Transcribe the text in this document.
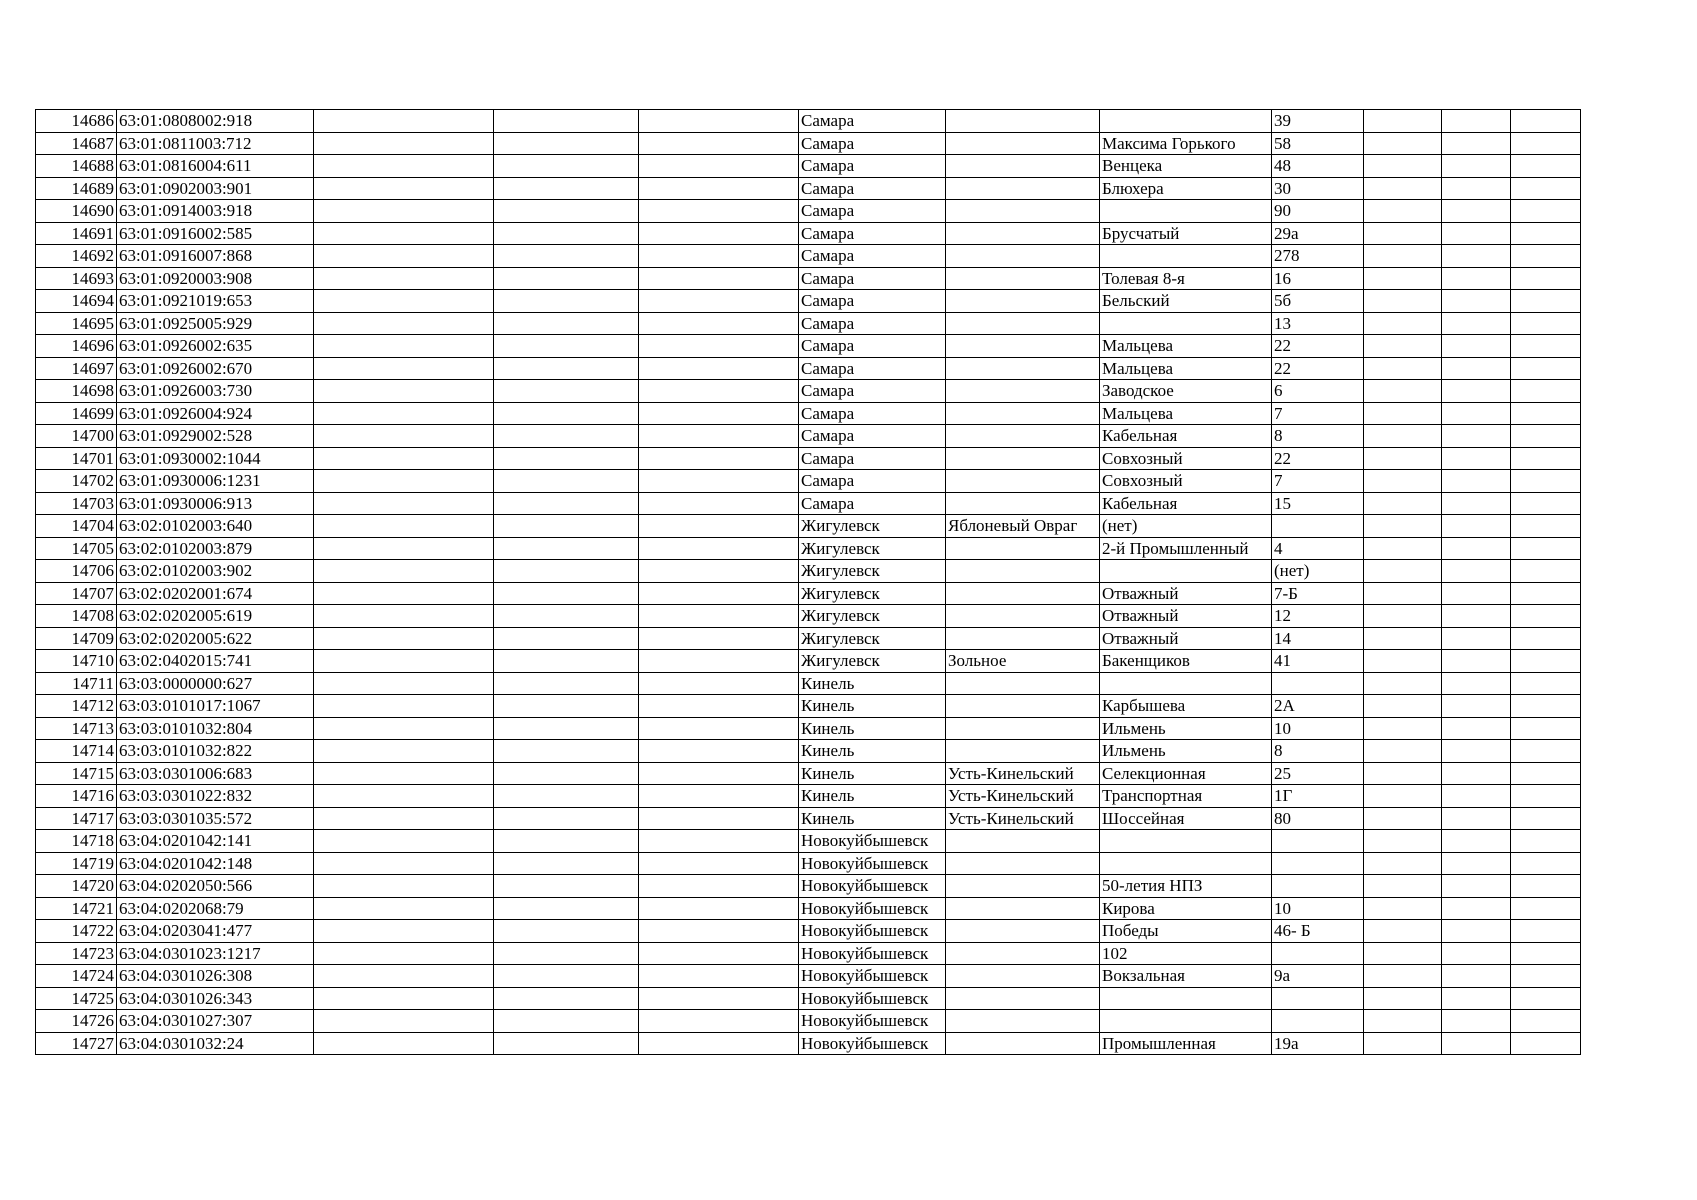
14686	63:01:0808002:918				Самара			39			
14687	63:01:0811003:712				Самара		Максима Горького	58			
14688	63:01:0816004:611				Самара		Венцека	48			
14689	63:01:0902003:901				Самара		Блюхера	30			
14690	63:01:0914003:918				Самара			90			
14691	63:01:0916002:585				Самара		Брусчатый	29а			
14692	63:01:0916007:868				Самара			278			
14693	63:01:0920003:908				Самара		Толевая 8-я	16			
14694	63:01:0921019:653				Самара		Бельский	5б			
14695	63:01:0925005:929				Самара			13			
14696	63:01:0926002:635				Самара		Мальцева	22			
14697	63:01:0926002:670				Самара		Мальцева	22			
14698	63:01:0926003:730				Самара		Заводское	6			
14699	63:01:0926004:924				Самара		Мальцева	7			
14700	63:01:0929002:528				Самара		Кабельная	8			
14701	63:01:0930002:1044				Самара		Совхозный	22			
14702	63:01:0930006:1231				Самара		Совхозный	7			
14703	63:01:0930006:913				Самара		Кабельная	15			
14704	63:02:0102003:640				Жигулевск	Яблоневый Овраг	(нет)				
14705	63:02:0102003:879				Жигулевск		2-й Промышленный	4			
14706	63:02:0102003:902				Жигулевск			(нет)			
14707	63:02:0202001:674				Жигулевск		Отважный	7-Б			
14708	63:02:0202005:619				Жигулевск		Отважный	12			
14709	63:02:0202005:622				Жигулевск		Отважный	14			
14710	63:02:0402015:741				Жигулевск	Зольное	Бакенщиков	41			
14711	63:03:0000000:627				Кинель						
14712	63:03:0101017:1067				Кинель		Карбышева	2А			
14713	63:03:0101032:804				Кинель		Ильмень	10			
14714	63:03:0101032:822				Кинель		Ильмень	8			
14715	63:03:0301006:683				Кинель	Усть-Кинельский	Селекционная	25			
14716	63:03:0301022:832				Кинель	Усть-Кинельский	Транспортная	1Г			
14717	63:03:0301035:572				Кинель	Усть-Кинельский	Шоссейная	80			
14718	63:04:0201042:141				Новокуйбышевск						
14719	63:04:0201042:148				Новокуйбышевск						
14720	63:04:0202050:566				Новокуйбышевск		50-летия НПЗ				
14721	63:04:0202068:79				Новокуйбышевск		Кирова	10			
14722	63:04:0203041:477				Новокуйбышевск		Победы	46- Б			
14723	63:04:0301023:1217				Новокуйбышевск		102				
14724	63:04:0301026:308				Новокуйбышевск		Вокзальная	9а			
14725	63:04:0301026:343				Новокуйбышевск						
14726	63:04:0301027:307				Новокуйбышевск						
14727	63:04:0301032:24				Новокуйбышевск		Промышленная	19а			
